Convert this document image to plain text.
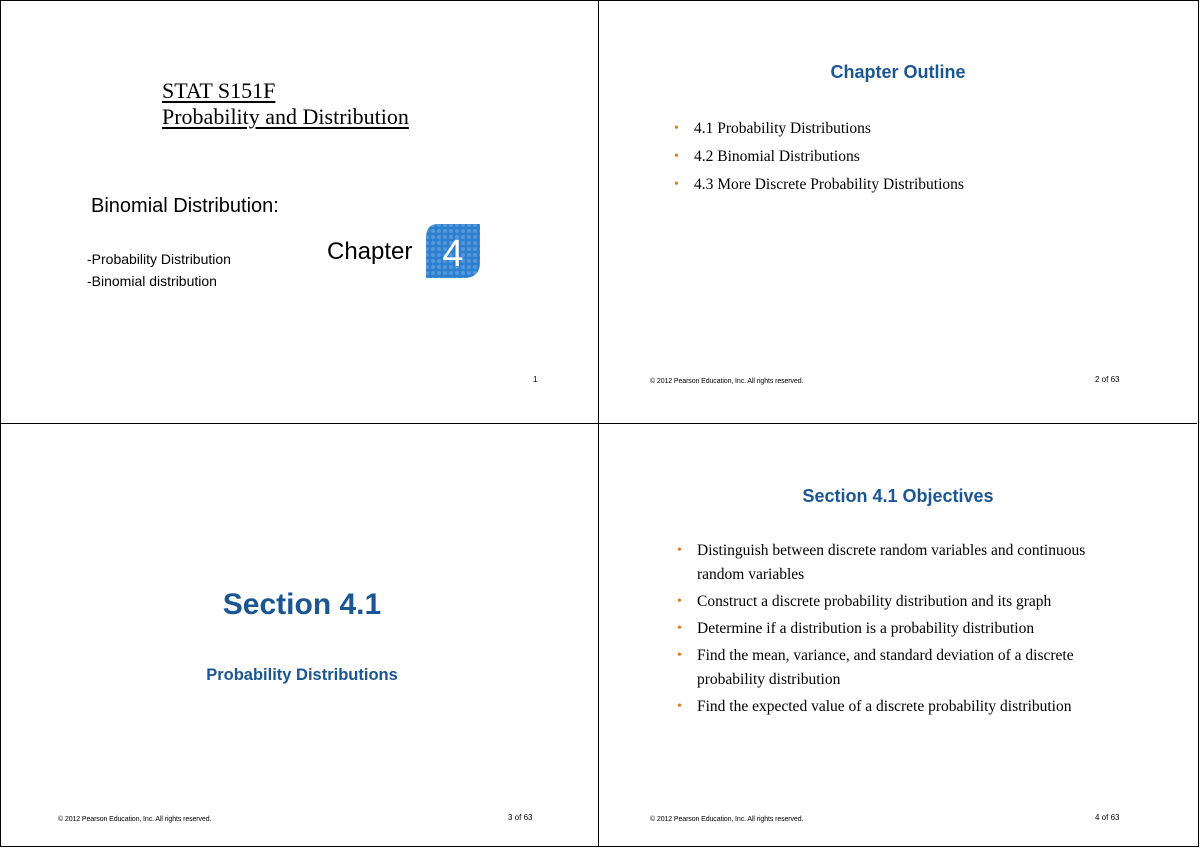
STAT S151F
Probability and Distribution
Binomial Distribution:
-Probability Distribution
-Binomial distribution
Chapter 4
1
Chapter Outline
• 4.1 Probability Distributions
• 4.2 Binomial Distributions
• 4.3 More Discrete Probability Distributions
© 2012 Pearson Education, Inc. All rights reserved.	2 of 63
Section 4.1
Probability Distributions
© 2012 Pearson Education, Inc. All rights reserved.	3 of 63
Section 4.1 Objectives
• Distinguish between discrete random variables and continuous random variables
• Construct a discrete probability distribution and its graph
• Determine if a distribution is a probability distribution
• Find the mean, variance, and standard deviation of a discrete probability distribution
• Find the expected value of a discrete probability distribution
© 2012 Pearson Education, Inc. All rights reserved.	4 of 63
